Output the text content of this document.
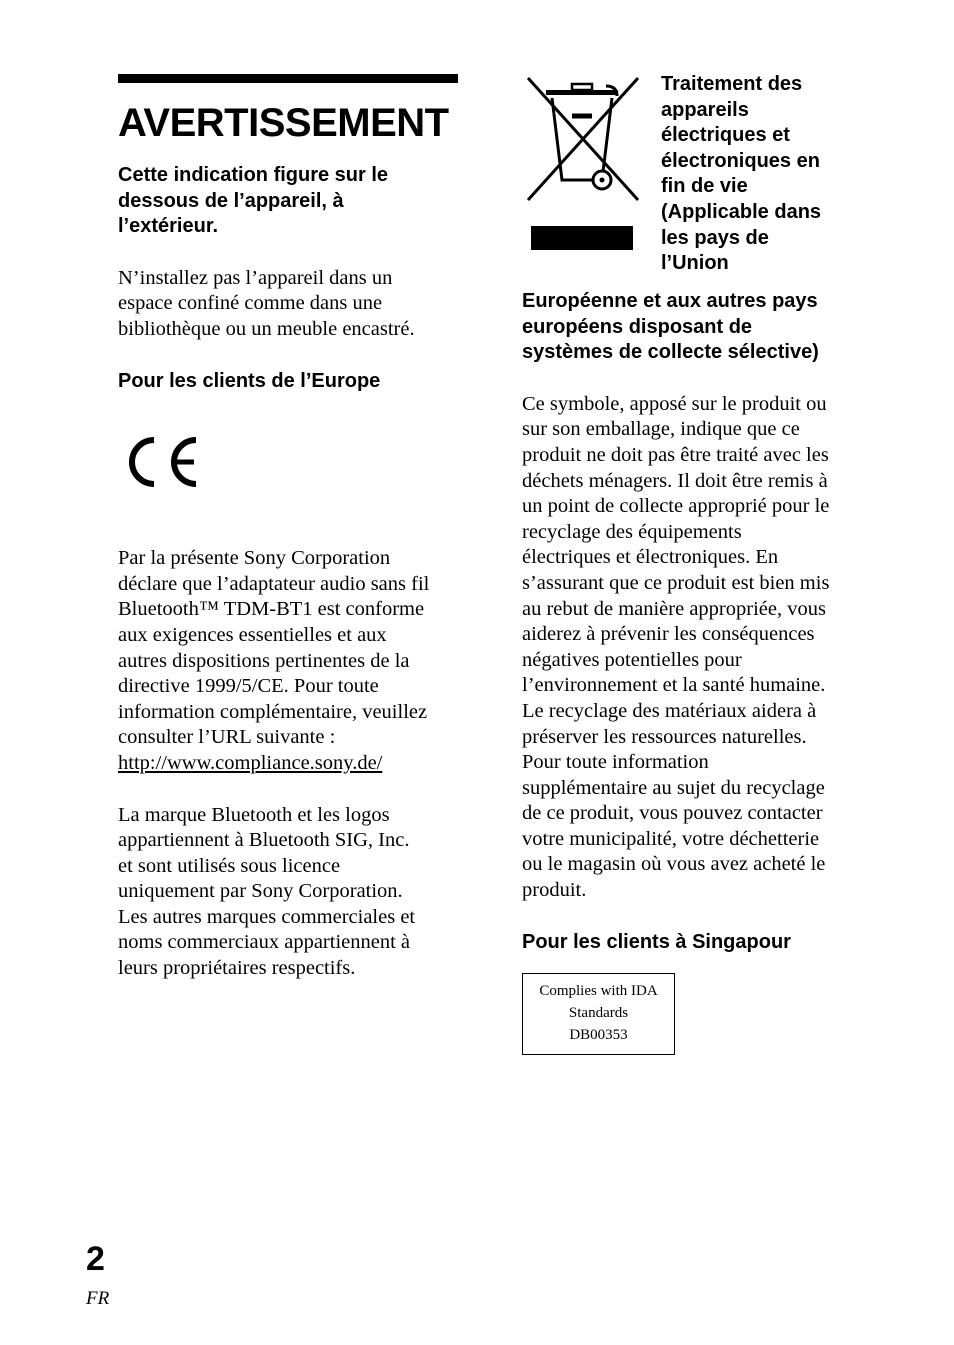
AVERTISSEMENT

Cette indication figure sur le
dessous de l’appareil, à
l’extérieur.

N’installez pas l’appareil dans un
espace confiné comme dans une
bibliothèque ou un meuble encastré.

Pour les clients de l’Europe

Par la présente Sony Corporation
déclare que l’adaptateur audio sans fil
Bluetooth™ TDM-BT1 est conforme
aux exigences essentielles et aux
autres dispositions pertinentes de la
directive 1999/5/CE. Pour toute
information complémentaire, veuillez
consulter l’URL suivante :

http://www.compliance.sony.de/

La marque Bluetooth et les logos
appartiennent à Bluetooth SIG, Inc.
et sont utilisés sous licence
uniquement par Sony Corporation.
Les autres marques commerciales et
noms commerciaux appartiennent à
leurs propriétaires respectifs.

Traitement des
appareils
électriques et
électroniques en
fin de vie
(Applicable dans
les pays de
l’Union

Européenne et aux autres pays
européens disposant de
systèmes de collecte sélective)

Ce symbole, apposé sur le produit ou
sur son emballage, indique que ce
produit ne doit pas être traité avec les
déchets ménagers. Il doit être remis à
un point de collecte approprié pour le
recyclage des équipements
électriques et électroniques. En
s’assurant que ce produit est bien mis
au rebut de manière appropriée, vous
aiderez à prévenir les conséquences
négatives potentielles pour
l’environnement et la santé humaine.
Le recyclage des matériaux aidera à
préserver les ressources naturelles.
Pour toute information
supplémentaire au sujet du recyclage
de ce produit, vous pouvez contacter
votre municipalité, votre déchetterie
ou le magasin où vous avez acheté le
produit.

Pour les clients à Singapour

Complies with IDA
Standards
DB00353
2
FR
